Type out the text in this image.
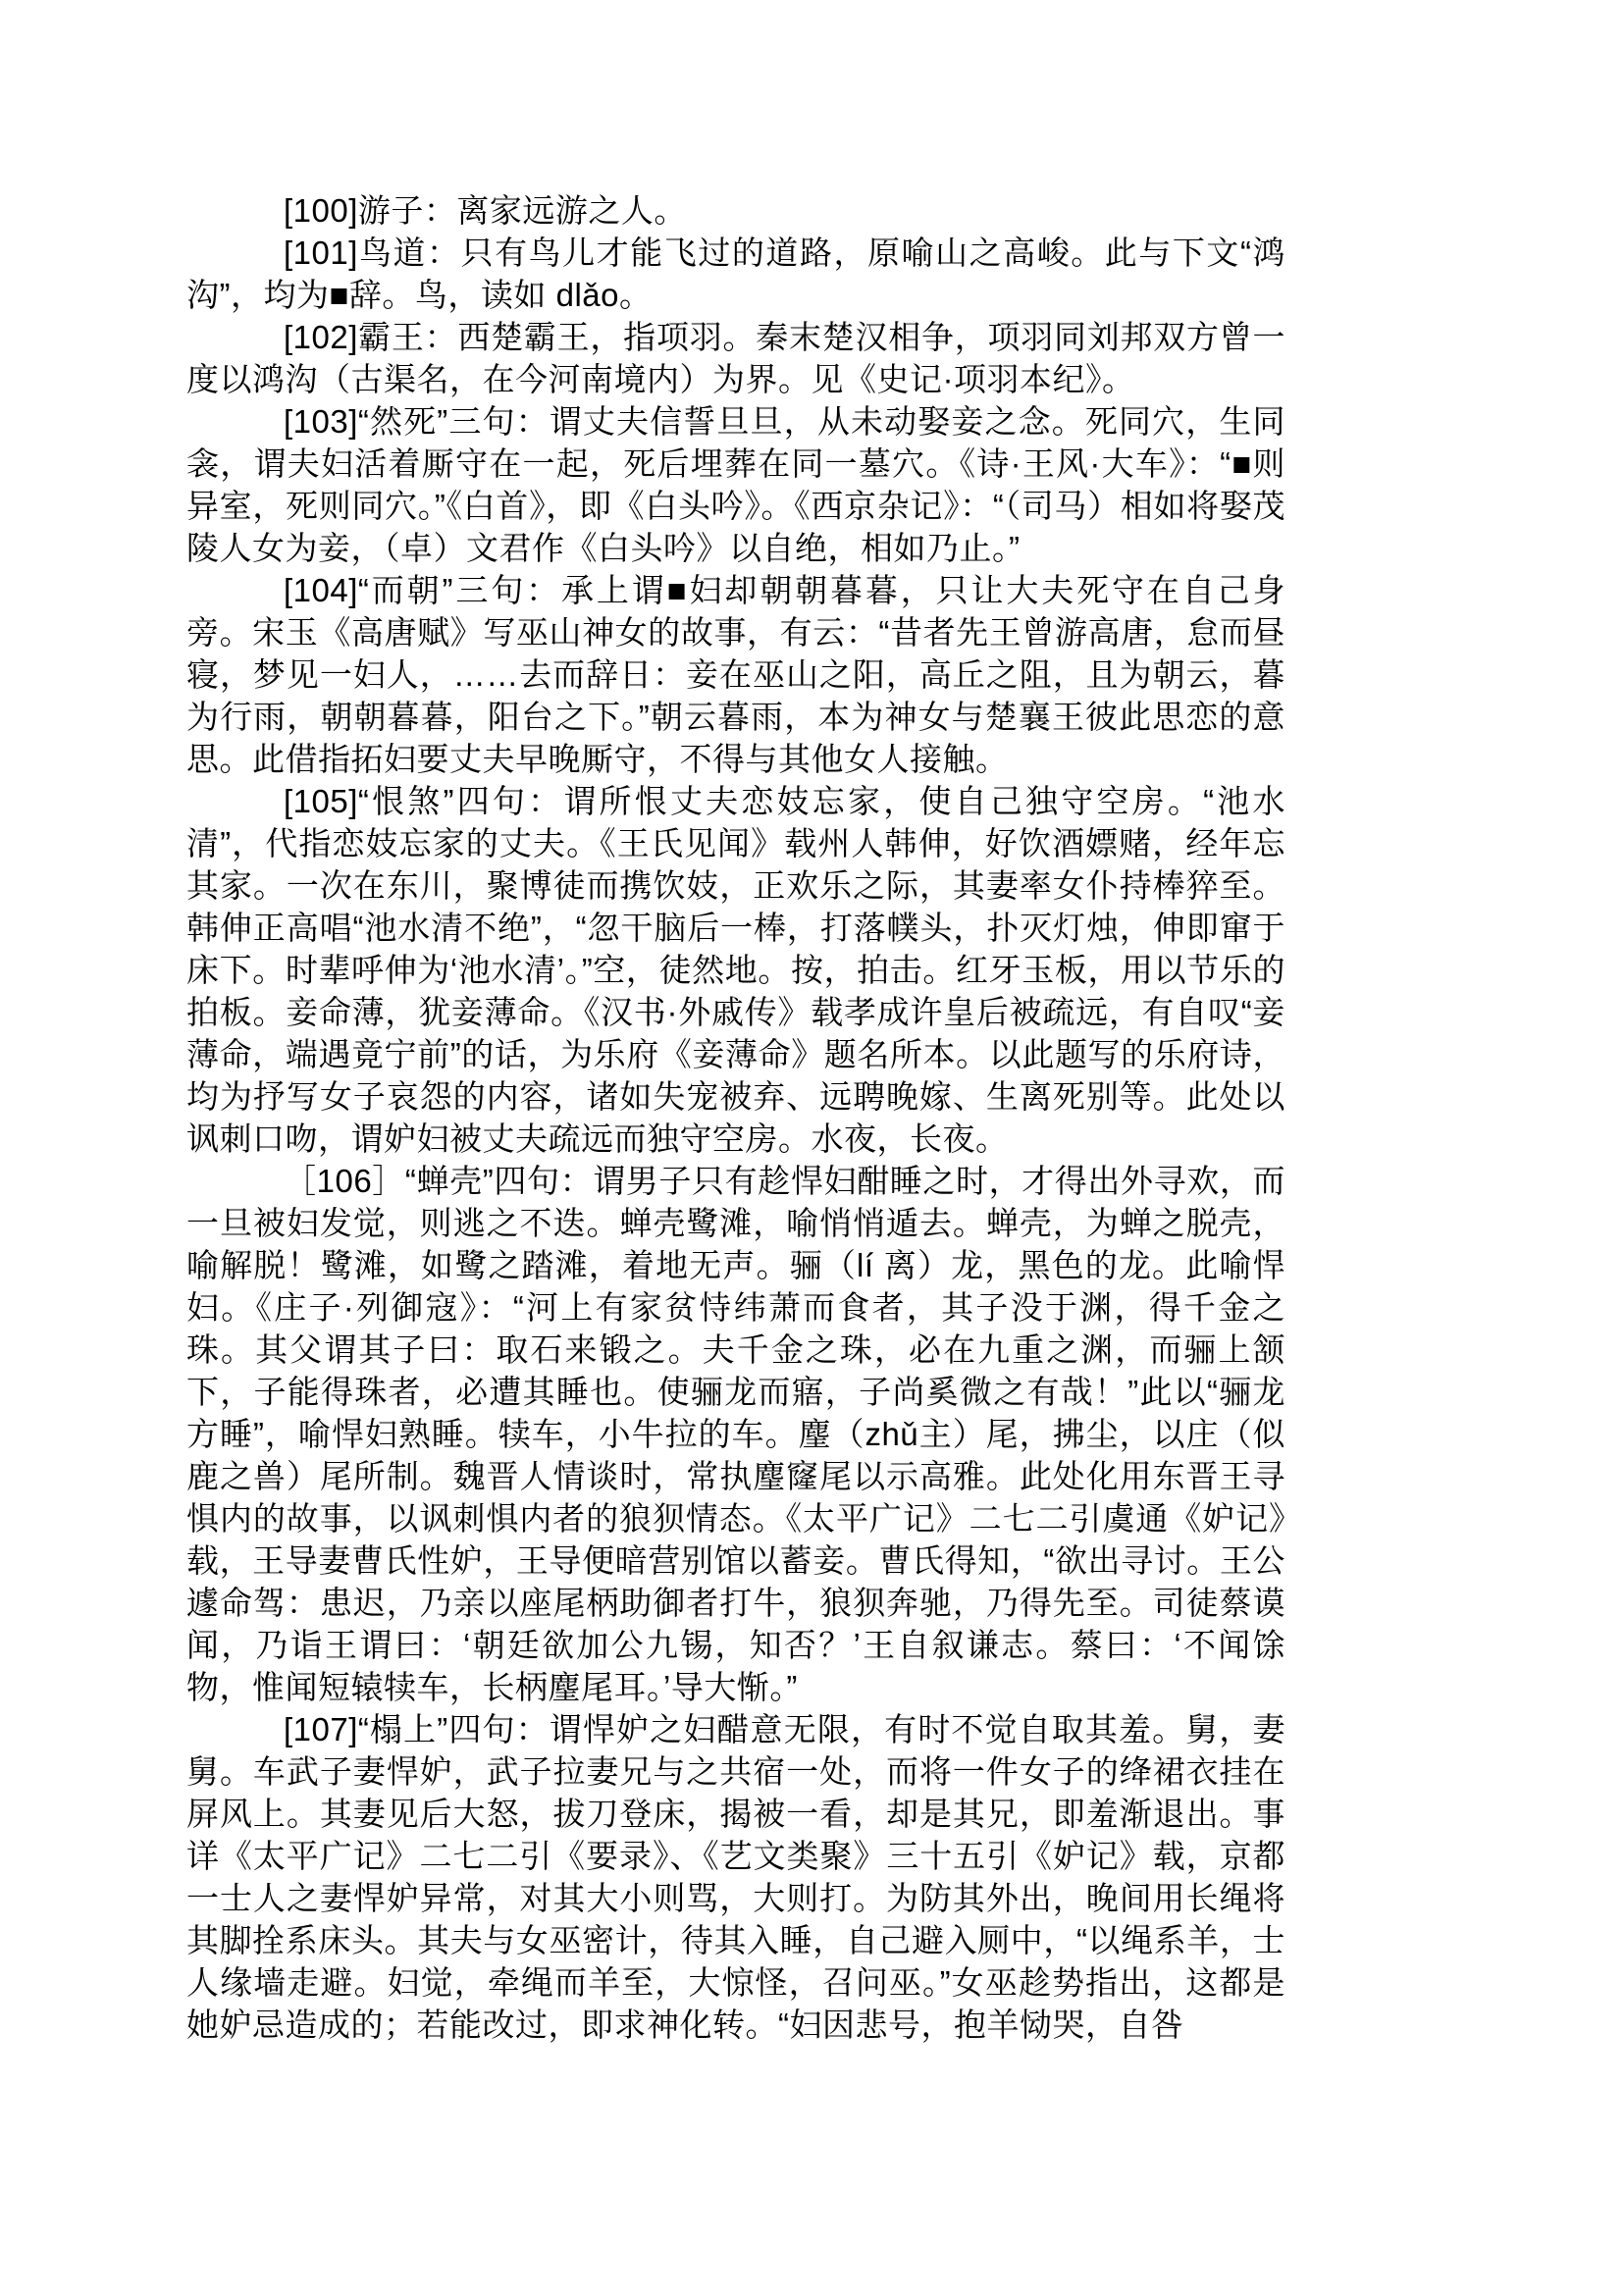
[100]游子：离家远游之人。

[101]鸟道：只有鸟儿才能飞过的道路，原喻山之高峻。此与下文“鸿沟”，均为■辞。鸟，读如 dlǎo。

[102]霸王：西楚霸王，指项羽。秦末楚汉相争，项羽同刘邦双方曾一度以鸿沟（古渠名，在今河南境内）为界。见《史记·项羽本纪》。

[103]“然死”三句：谓丈夫信誓旦旦，从未动娶妾之念。死同穴，生同衾，谓夫妇活着厮守在一起，死后埋葬在同一墓穴。《诗·王风·大车》：“■则异室，死则同穴。”《白首》，即《白头吟》。《西京杂记》：“（司马）相如将娶茂陵人女为妾，（卓）文君作《白头吟》以自绝，相如乃止。”

[104]“而朝”三句：承上谓■妇却朝朝暮暮，只让大夫死守在自己身旁。宋玉《高唐赋》写巫山神女的故事，有云：“昔者先王曾游高唐，怠而昼寝，梦见一妇人，……去而辞日：妾在巫山之阳，高丘之阻，且为朝云，暮为行雨，朝朝暮暮，阳台之下。”朝云暮雨，本为神女与楚襄王彼此思恋的意思。此借指拓妇要丈夫早晚厮守，不得与其他女人接触。

[105]“恨煞”四句：谓所恨丈夫恋妓忘家，使自己独守空房。“池水清”，代指恋妓忘家的丈夫。《王氏见闻》载州人韩伸，好饮酒嫖赌，经年忘其家。一次在东川，聚博徒而携饮妓，正欢乐之际，其妻率女仆持棒猝至。韩伸正高唱“池水清不绝”，“忽干脑后一棒，打落幞头，扑灭灯烛，伸即窜于床下。时辈呼伸为‘池水清’。”空，徒然地。按，拍击。红牙玉板，用以节乐的拍板。妾命薄，犹妾薄命。《汉书·外戚传》载孝成许皇后被疏远，有自叹“妾薄命，端遇竟宁前”的话，为乐府《妾薄命》题名所本。以此题写的乐府诗，均为抒写女子哀怨的内容，诸如失宠被弃、远聘晚嫁、生离死别等。此处以讽刺口吻，谓妒妇被丈夫疏远而独守空房。水夜，长夜。

［106］“蝉壳”四句：谓男子只有趁悍妇酣睡之时，才得出外寻欢，而一旦被妇发觉，则逃之不迭。蝉壳鹭滩，喻悄悄遁去。蝉壳，为蝉之脱壳，喻解脱！鹭滩，如鹭之踏滩，着地无声。骊（lí 离）龙，黑色的龙。此喻悍妇。《庄子·列御寇》：“河上有家贫恃纬萧而食者，其子没于渊，得千金之珠。其父谓其子曰：取石来锻之。夫千金之珠，必在九重之渊，而骊上颔下，子能得珠者，必遭其睡也。使骊龙而寤，子尚奚微之有哉！”此以“骊龙方睡”，喻悍妇熟睡。犊车，小牛拉的车。麈（zhǔ主）尾，拂尘，以庄（似鹿之兽）尾所制。魏晋人情谈时，常执麈窿尾以示高雅。此处化用东晋王寻惧内的故事，以讽刺惧内者的狼狈情态。《太平广记》二七二引虞通《妒记》载，王导妻曹氏性妒，王导便暗营别馆以蓄妾。曹氏得知，“欲出寻讨。王公遽命驾：患迟，乃亲以座尾柄助御者打牛，狼狈奔驰，乃得先至。司徒蔡谟闻，乃诣王谓曰：‘朝廷欲加公九锡，知否？’王自叙谦志。蔡曰：‘不闻馀物，惟闻短辕犊车，长柄麈尾耳。’导大惭。”

[107]“榻上”四句：谓悍妒之妇醋意无限，有时不觉自取其羞。舅，妻舅。车武子妻悍妒，武子拉妻兄与之共宿一处，而将一件女子的绛裙衣挂在屏风上。其妻见后大怒，拔刀登床，揭被一看，却是其兄，即羞渐退出。事详《太平广记》二七二引《要录》、《艺文类聚》三十五引《妒记》载，京都一士人之妻悍妒异常，对其大小则骂，大则打。为防其外出，晚间用长绳将其脚拴系床头。其夫与女巫密计，待其入睡，自己避入厕中，“以绳系羊，士人缘墙走避。妇觉，牵绳而羊至，大惊怪，召问巫。”女巫趁势指出，这都是她妒忌造成的；若能改过，即求神化转。“妇因悲号，抱羊恸哭，自咎
